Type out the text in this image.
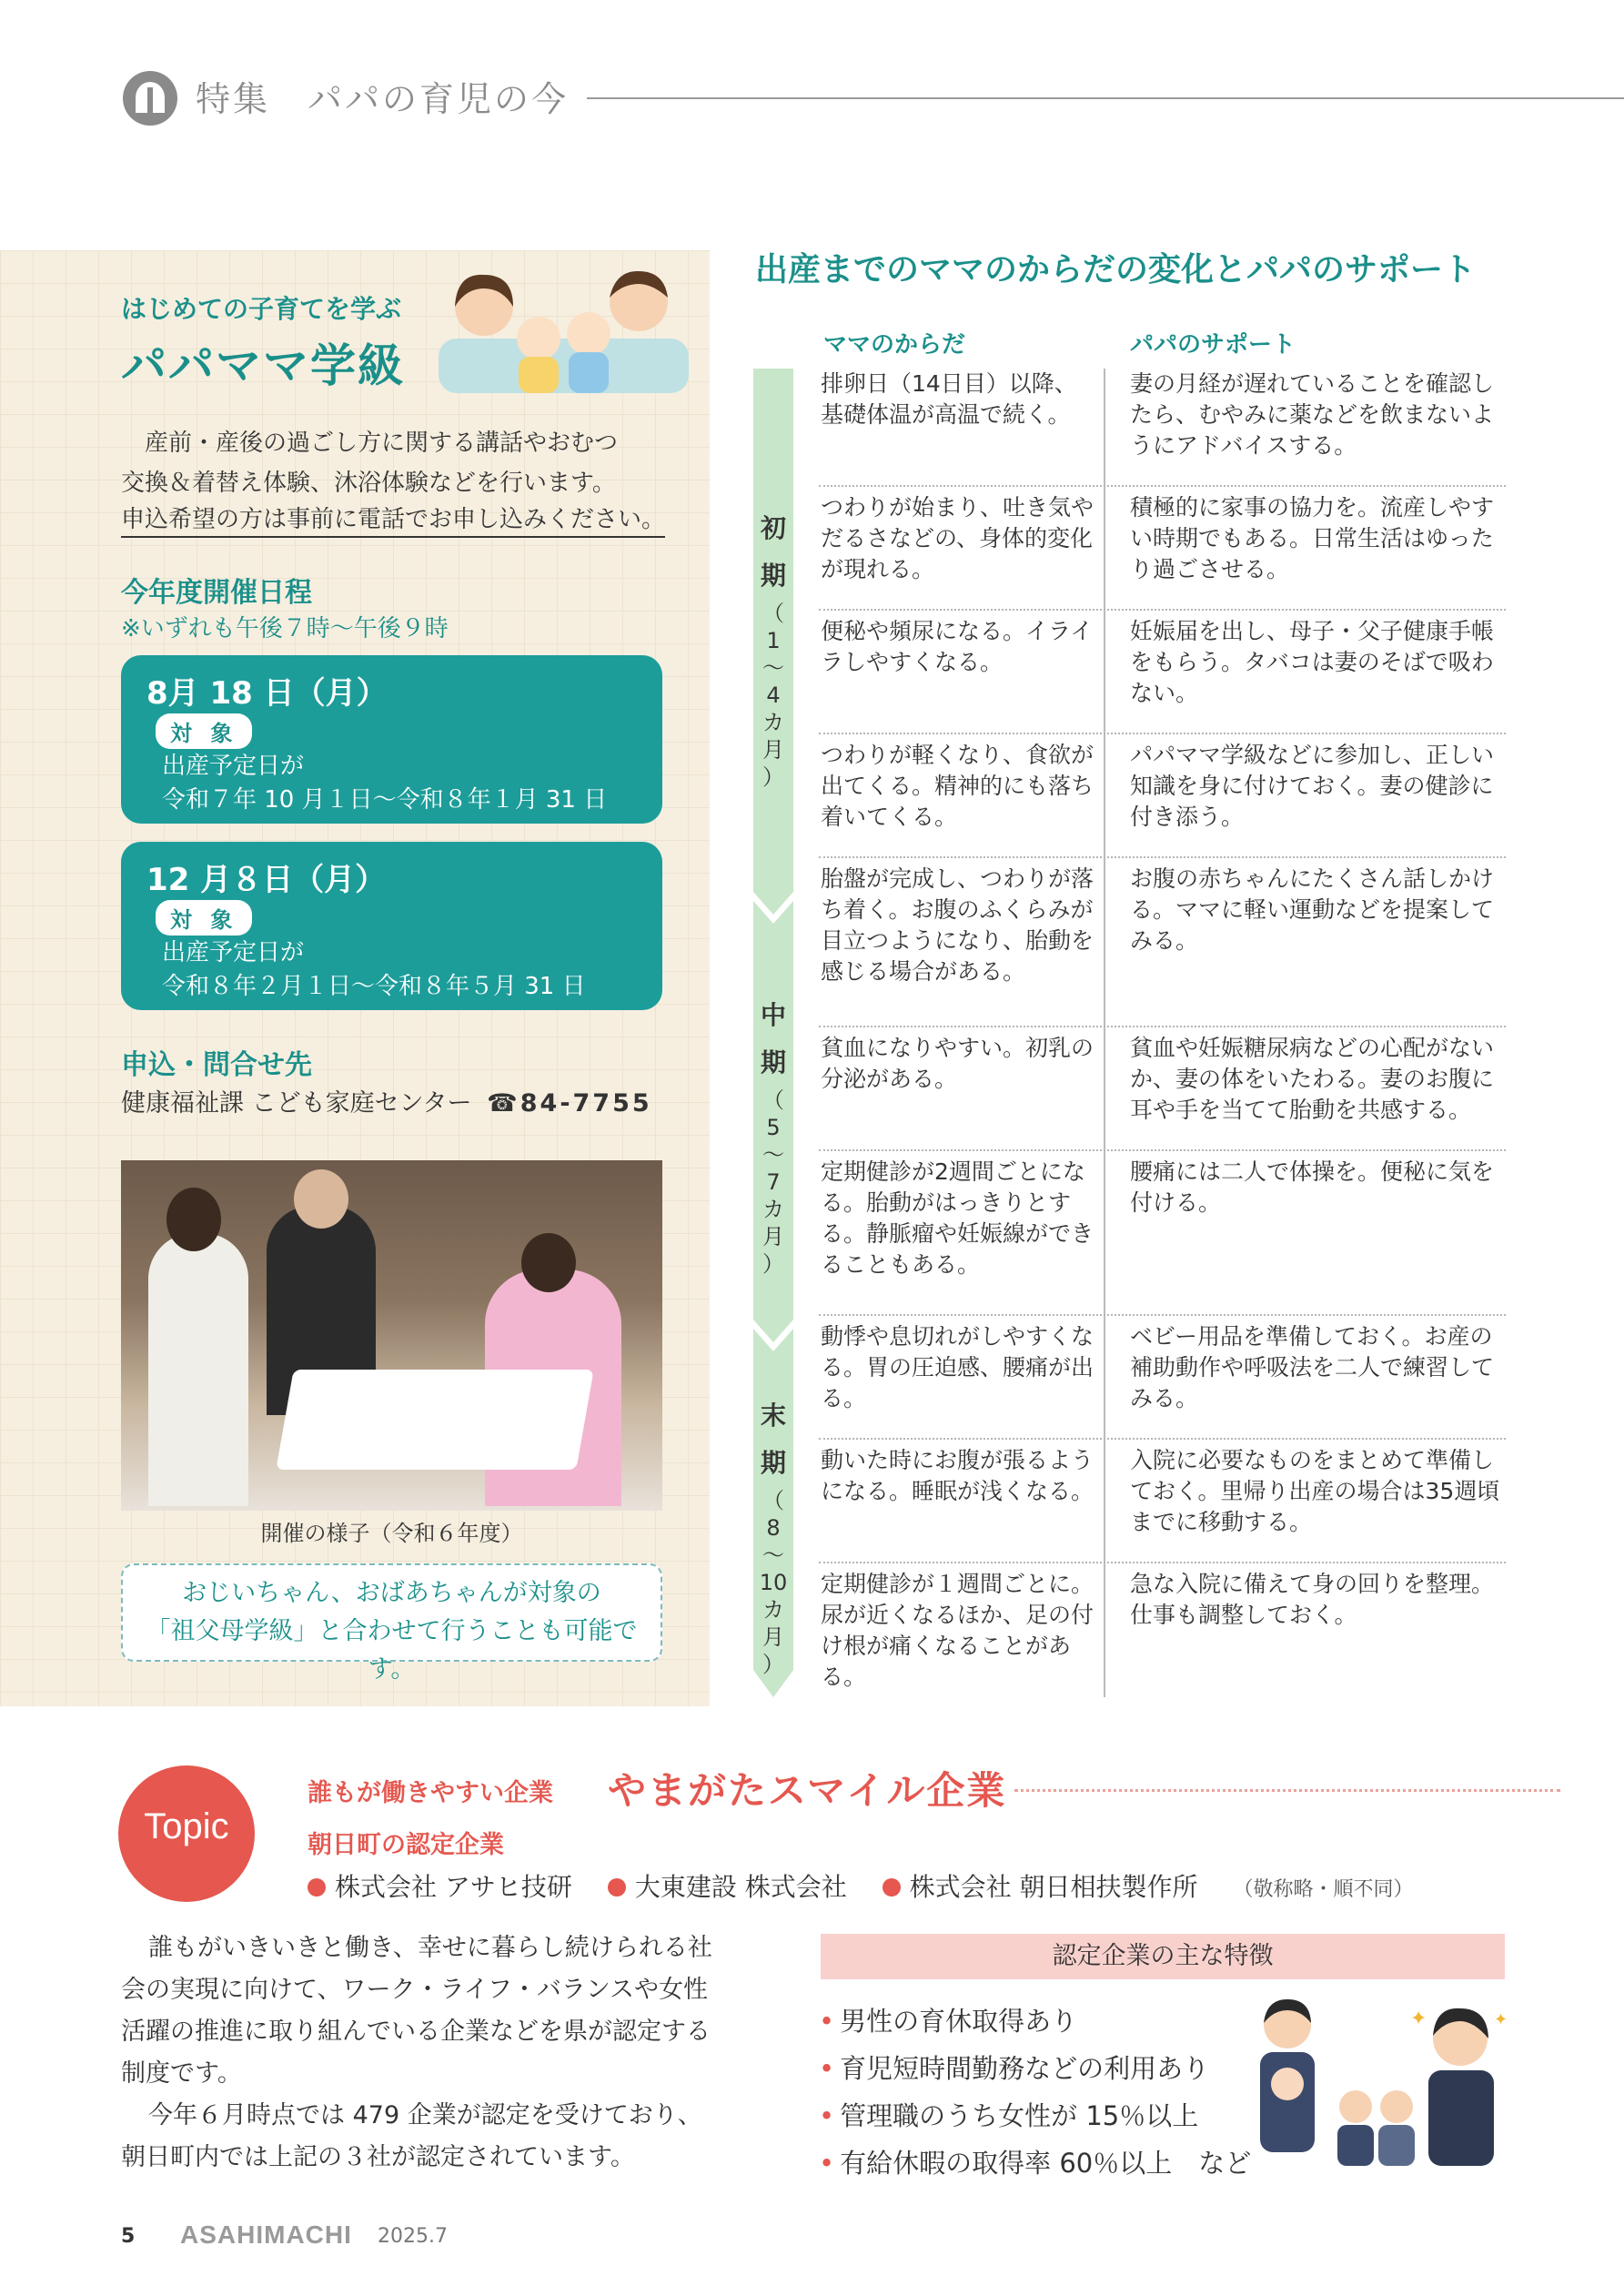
特集　パパの育児の今
はじめての子育てを学ぶ
パパママ学級
産前・産後の過ごし方に関する講話やおむつ
交換＆着替え体験、沐浴体験などを行います。
申込希望の方は事前に電話でお申し込みください。
今年度開催日程
※いずれも午後７時〜午後９時
8月 18 日（月）
対 象
出産予定日が
令和７年 10 月１日〜令和８年１月 31 日
12 月８日（月）
対 象
出産予定日が
令和８年２月１日〜令和８年５月 31 日
申込・問合せ先
健康福祉課 こども家庭センター ☎84-7755
開催の様子（令和６年度）
おじいちゃん、おばあちゃんが対象の
「祖父母学級」と合わせて行うことも可能です。
出産までのママのからだの変化とパパのサポート
ママのからだ	パパのサポート
初
期
（
1
〜
4
カ
月
）
中
期
（
5
〜
7
カ
月
）
末
期
（
8
〜
10
カ
月
）
排卵日（14日目）以降、基礎体温が高温で続く。
妻の月経が遅れていることを確認したら、むやみに薬などを飲まないようにアドバイスする。
つわりが始まり、吐き気やだるさなどの、身体的変化が現れる。
積極的に家事の協力を。流産しやすい時期でもある。日常生活はゆったり過ごさせる。
便秘や頻尿になる。イライラしやすくなる。
妊娠届を出し、母子・父子健康手帳をもらう。タバコは妻のそばで吸わない。
つわりが軽くなり、食欲が出てくる。精神的にも落ち着いてくる。
パパママ学級などに参加し、正しい知識を身に付けておく。妻の健診に付き添う。
胎盤が完成し、つわりが落ち着く。お腹のふくらみが目立つようになり、胎動を感じる場合がある。
お腹の赤ちゃんにたくさん話しかける。ママに軽い運動などを提案してみる。
貧血になりやすい。初乳の分泌がある。
貧血や妊娠糖尿病などの心配がないか、妻の体をいたわる。妻のお腹に耳や手を当てて胎動を共感する。
定期健診が2週間ごとになる。胎動がはっきりとする。静脈瘤や妊娠線ができることもある。
腰痛には二人で体操を。便秘に気を付ける。
動悸や息切れがしやすくなる。胃の圧迫感、腰痛が出る。
ベビー用品を準備しておく。お産の補助動作や呼吸法を二人で練習してみる。
動いた時にお腹が張るようになる。睡眠が浅くなる。
入院に必要なものをまとめて準備しておく。里帰り出産の場合は35週頃までに移動する。
定期健診が１週間ごとに。尿が近くなるほか、足の付け根が痛くなることがある。
急な入院に備えて身の回りを整理。仕事も調整しておく。
Topic
誰もが働きやすい企業 やまがたスマイル企業
朝日町の認定企業
株式会社 アサヒ技研 大東建設 株式会社 株式会社 朝日相扶製作所 （敬称略・順不同）
誰もがいきいきと働き、幸せに暮らし続けられる社
会の実現に向けて、ワーク・ライフ・バランスや女性
活躍の推進に取り組んでいる企業などを県が認定する
制度です。
今年６月時点では 479 企業が認定を受けており、
朝日町内では上記の３社が認定されています。
認定企業の主な特徴
• 男性の育休取得あり
• 育児短時間勤務などの利用あり
• 管理職のうち女性が 15％以上
• 有給休暇の取得率 60％以上　など
✦	✦
5 ASAHIMACHI 2025.7
